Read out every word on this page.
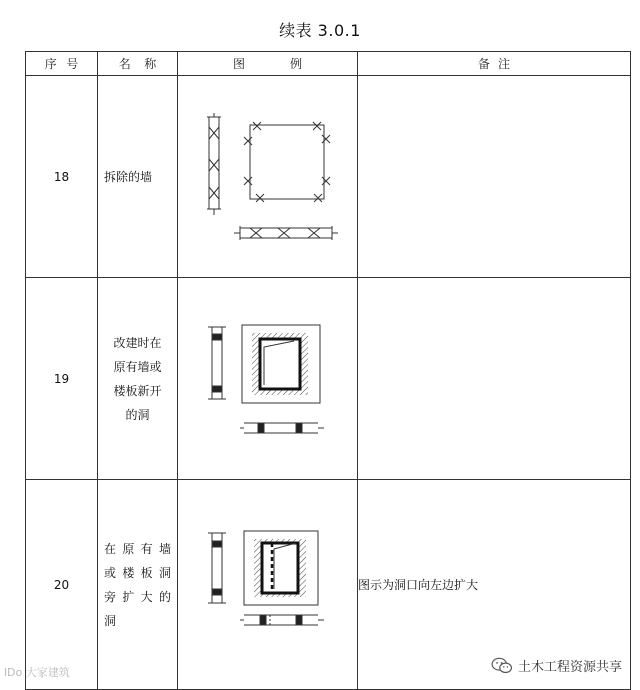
续表 3.0.1
序 号	名 称	图 例	备 注

18	拆除的墙

19	改建时在
原有墙或
楼板新开
的洞

20	在原有墙
或楼板洞
旁扩大的
洞		图示为洞口向左边扩大
lDo 大家建筑	土木工程资源共享
